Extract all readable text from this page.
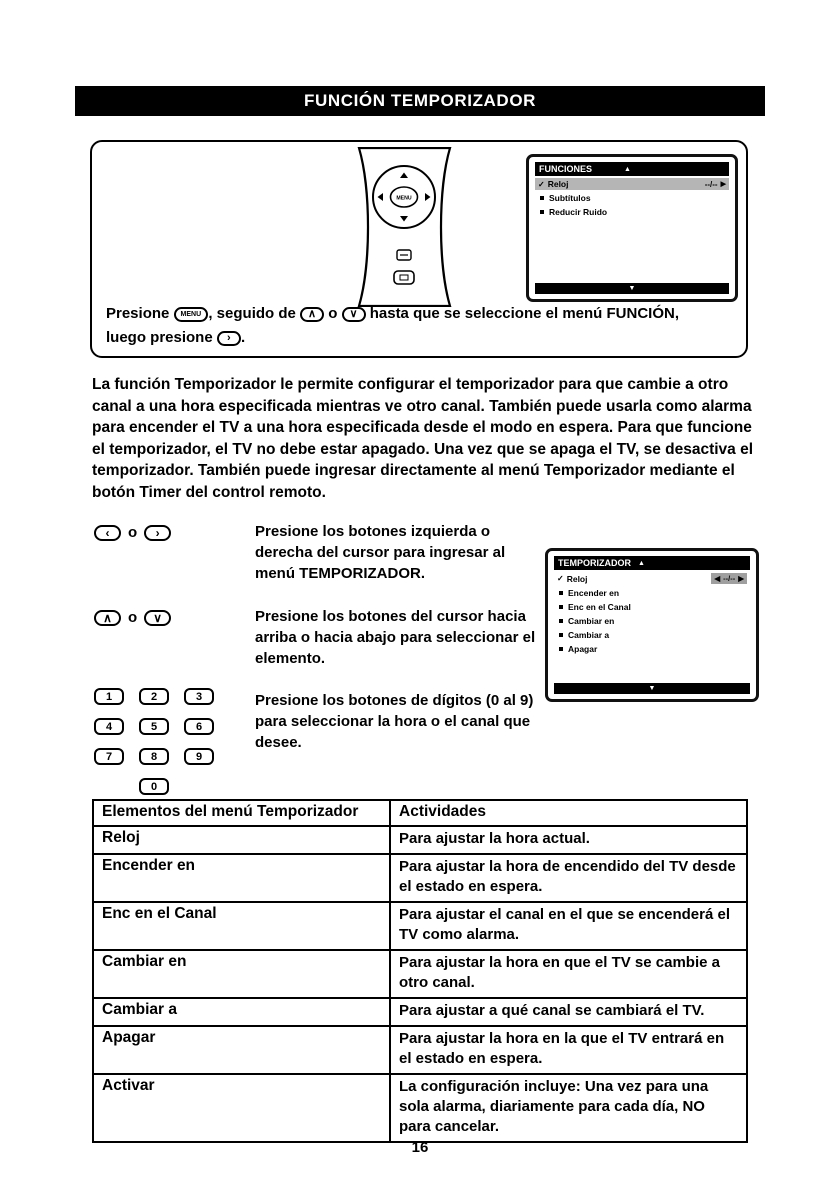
FUNCIÓN TEMPORIZADOR
MENU
FUNCIONES	▲
✓ Reloj	--/-- ▶
Subtítulos
Reducir Ruido
▼
Presione MENU , seguido de ∧ o ∨ hasta que se seleccione el menú FUNCIÓN,
luego presione › .
La función Temporizador le permite configurar el temporizador para que cambie a otro canal a una hora especificada mientras ve otro canal. También puede usarla como alarma para encender el TV a una hora especificada desde el modo en espera. Para que funcione el temporizador, el TV no debe estar apagado. Una vez que se apaga el TV, se desactiva el temporizador. También puede ingresar directamente al menú Temporizador mediante el botón Timer del control remoto.
‹	o	›	Presione los botones izquierda o derecha del cursor para ingresar al menú TEMPORIZADOR.
TEMPORIZADOR ▲
✓ Reloj	◀ --/-- ▶
Encender en
Enc en el Canal
Cambiar en
Cambiar a
Apagar
▼
∧	o	∨	Presione los botones del cursor hacia arriba o hacia abajo para seleccionar el elemento.
1	2	3
4	5	6
7	8	9
0
Presione los botones de dígitos (0 al 9) para seleccionar la hora o el canal que desee.
Elementos del menú Temporizador	Actividades
Reloj	Para ajustar la hora actual.
Encender en	Para ajustar la hora de encendido del TV desde el estado en espera.
Enc en el Canal	Para ajustar el canal en el que se encenderá el TV como alarma.
Cambiar en	Para ajustar la hora en que el TV se cambie a otro canal.
Cambiar a	Para ajustar a qué canal se cambiará el TV.
Apagar	Para ajustar la hora en la que el TV entrará en el estado en espera.
Activar	La configuración incluye: Una vez para una sola alarma, diariamente para cada día, NO para cancelar.
16
